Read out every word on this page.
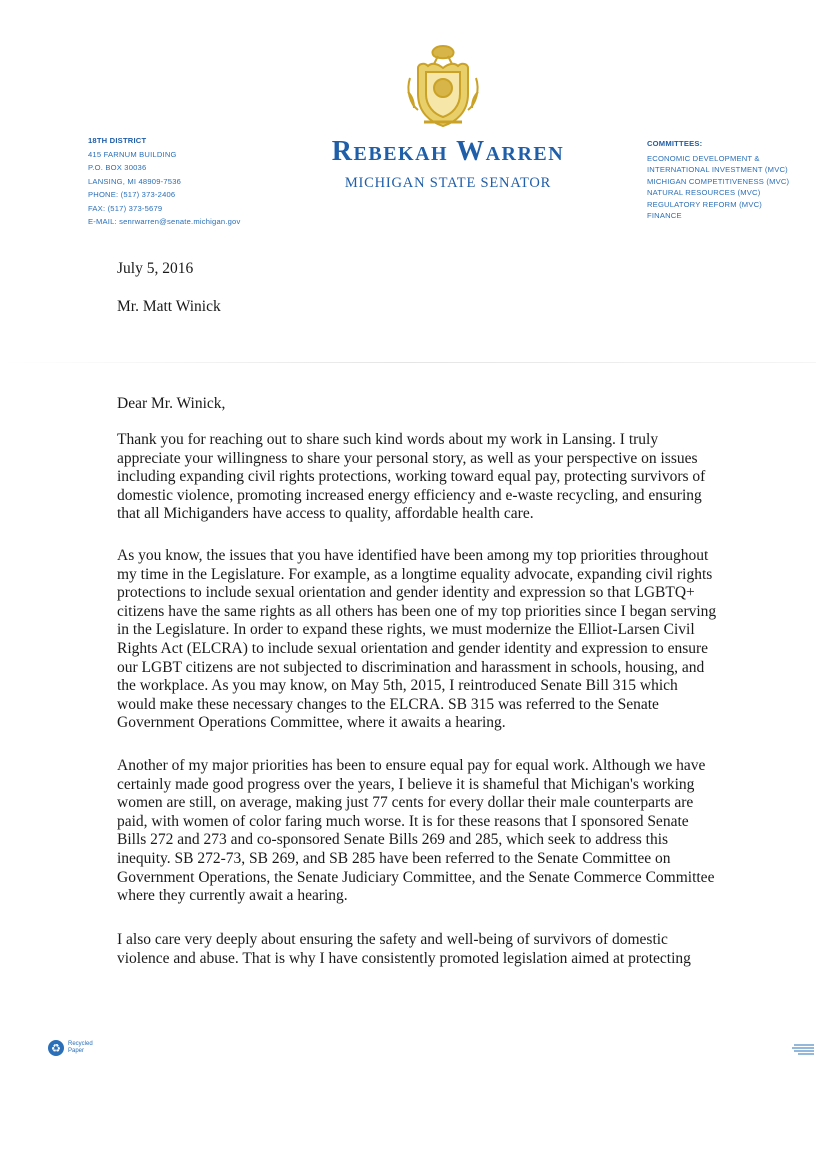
Rebekah Warren
MICHIGAN STATE SENATOR
18TH DISTRICT
415 FARNUM BUILDING
P.O. BOX 30036
LANSING, MI 48909-7536
PHONE: (517) 373-2406
FAX: (517) 373-5679
E-MAIL: senrwarren@senate.michigan.gov
COMMITTEES:
ECONOMIC DEVELOPMENT &
INTERNATIONAL INVESTMENT (MVC)
MICHIGAN COMPETITIVENESS (MVC)
NATURAL RESOURCES (MVC)
REGULATORY REFORM (MVC)
FINANCE
July 5, 2016
Mr. Matt Winick
Dear Mr. Winick,
Thank you for reaching out to share such kind words about my work in Lansing. I truly
appreciate your willingness to share your personal story, as well as your perspective on issues
including expanding civil rights protections, working toward equal pay, protecting survivors of
domestic violence, promoting increased energy efficiency and e-waste recycling, and ensuring
that all Michiganders have access to quality, affordable health care.
As you know, the issues that you have identified have been among my top priorities throughout
my time in the Legislature. For example, as a longtime equality advocate, expanding civil rights
protections to include sexual orientation and gender identity and expression so that LGBTQ+
citizens have the same rights as all others has been one of my top priorities since I began serving
in the Legislature. In order to expand these rights, we must modernize the Elliot-Larsen Civil
Rights Act (ELCRA) to include sexual orientation and gender identity and expression to ensure
our LGBT citizens are not subjected to discrimination and harassment in schools, housing, and
the workplace. As you may know, on May 5th, 2015, I reintroduced Senate Bill 315 which
would make these necessary changes to the ELCRA. SB 315 was referred to the Senate
Government Operations Committee, where it awaits a hearing.
Another of my major priorities has been to ensure equal pay for equal work. Although we have
certainly made good progress over the years, I believe it is shameful that Michigan's working
women are still, on average, making just 77 cents for every dollar their male counterparts are
paid, with women of color faring much worse. It is for these reasons that I sponsored Senate
Bills 272 and 273 and co-sponsored Senate Bills 269 and 285, which seek to address this
inequity. SB 272-73, SB 269, and SB 285 have been referred to the Senate Committee on
Government Operations, the Senate Judiciary Committee, and the Senate Commerce Committee
where they currently await a hearing.
I also care very deeply about ensuring the safety and well-being of survivors of domestic
violence and abuse. That is why I have consistently promoted legislation aimed at protecting
♻	Recycled
Paper
